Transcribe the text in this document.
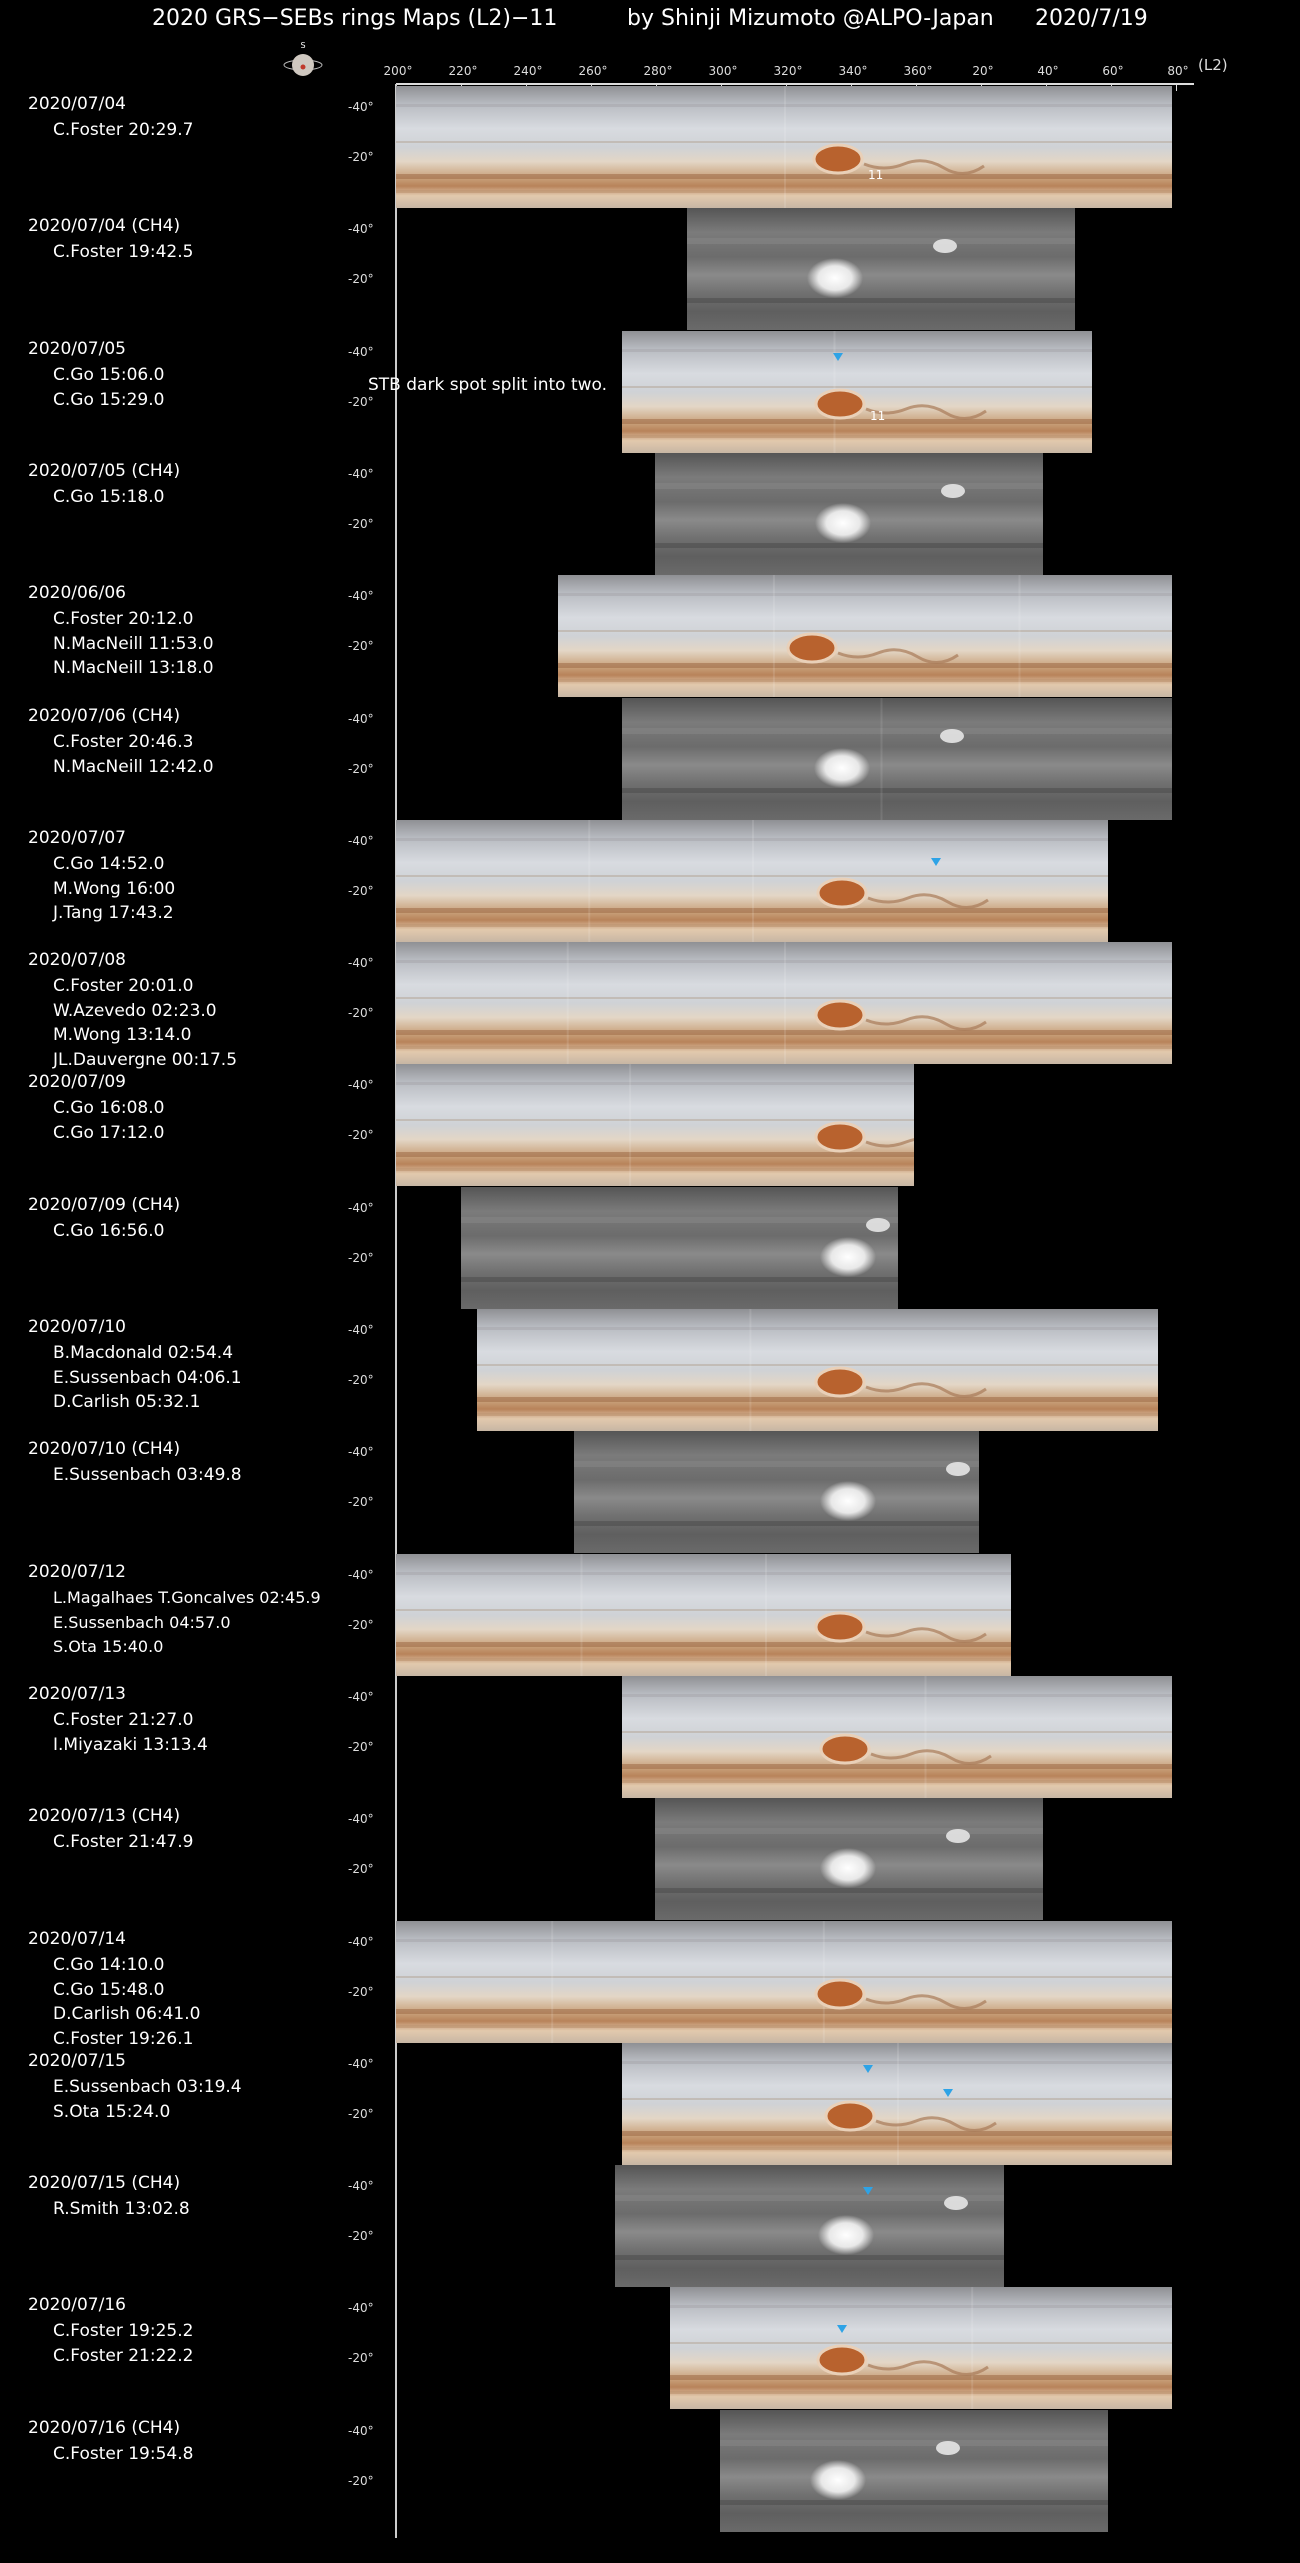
2020 GRS−SEBs rings Maps (L2)−11	by Shinji Mizumoto @ALPO-Japan 2020/7/19
S
200°	220°	240°	260°	280°	300°	320°	340°	360°	20°	40°	60°	80° (L2)
2020/07/04
C.Foster 20:29.7
11
-40°
-20°
2020/07/04 (CH4)
C.Foster 19:42.5
-40°
-20°
2020/07/05
C.Go 15:06.0
C.Go 15:29.0
11
-40°
-20°
STB dark spot split into two.
2020/07/05 (CH4)
C.Go 15:18.0
-40°
-20°
2020/06/06
C.Foster 20:12.0
N.MacNeill 11:53.0
N.MacNeill 13:18.0
-40°
-20°
2020/07/06 (CH4)
C.Foster 20:46.3
N.MacNeill 12:42.0
-40°
-20°
2020/07/07
C.Go 14:52.0
M.Wong 16:00
J.Tang 17:43.2
-40°
-20°
2020/07/08
C.Foster 20:01.0
W.Azevedo 02:23.0
M.Wong 13:14.0
JL.Dauvergne 00:17.5
-40°
-20°
2020/07/09
C.Go 16:08.0
C.Go 17:12.0
-40°
-20°
2020/07/09 (CH4)
C.Go 16:56.0
-40°
-20°
2020/07/10
B.Macdonald 02:54.4
E.Sussenbach 04:06.1
D.Carlish 05:32.1
-40°
-20°
2020/07/10 (CH4)
E.Sussenbach 03:49.8
-40°
-20°
2020/07/12
L.Magalhaes T.Goncalves 02:45.9
E.Sussenbach 04:57.0
S.Ota 15:40.0
-40°
-20°
2020/07/13
C.Foster 21:27.0
I.Miyazaki 13:13.4
-40°
-20°
2020/07/13 (CH4)
C.Foster 21:47.9
-40°
-20°
2020/07/14
C.Go 14:10.0
C.Go 15:48.0
D.Carlish 06:41.0
C.Foster 19:26.1
-40°
-20°
2020/07/15
E.Sussenbach 03:19.4
S.Ota 15:24.0
-40°
-20°
2020/07/15 (CH4)
R.Smith 13:02.8
-40°
-20°
2020/07/16
C.Foster 19:25.2
C.Foster 21:22.2
-40°
-20°
2020/07/16 (CH4)
C.Foster 19:54.8
-40°
-20°
